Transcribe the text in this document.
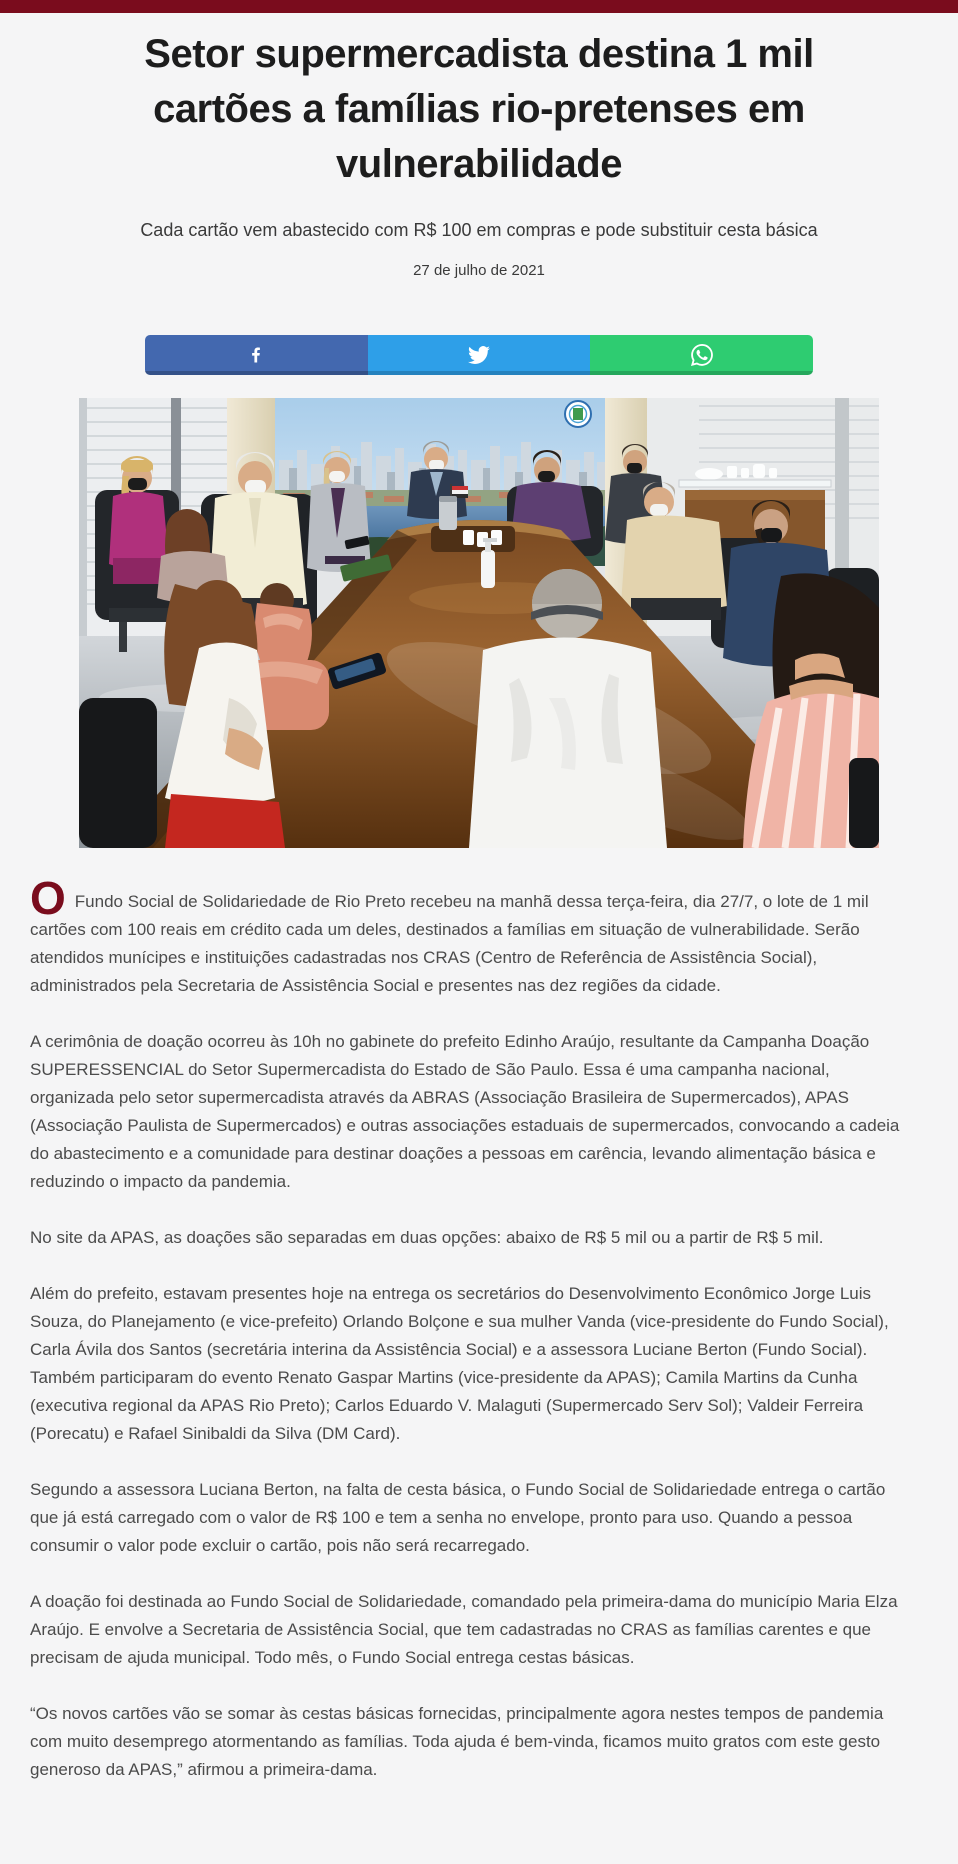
Setor supermercadista destina 1 mil
cartões a famílias rio-pretenses em
vulnerabilidade
Cada cartão vem abastecido com R$ 100 em compras e pode substituir cesta básica
27 de julho de 2021

O Fundo Social de Solidariedade de Rio Preto recebeu na manhã dessa terça-feira, dia 27/7, o lote de 1 mil cartões com 100 reais em crédito cada um deles, destinados a famílias em situação de vulnerabilidade. Serão atendidos munícipes e instituições cadastradas nos CRAS (Centro de Referência de Assistência Social), administrados pela Secretaria de Assistência Social e presentes nas dez regiões da cidade.

A cerimônia de doação ocorreu às 10h no gabinete do prefeito Edinho Araújo, resultante da Campanha Doação SUPERESSENCIAL do Setor Supermercadista do Estado de São Paulo. Essa é uma campanha nacional, organizada pelo setor supermercadista através da ABRAS (Associação Brasileira de Supermercados), APAS (Associação Paulista de Supermercados) e outras associações estaduais de supermercados, convocando a cadeia do abastecimento e a comunidade para destinar doações a pessoas em carência, levando alimentação básica e reduzindo o impacto da pandemia.

No site da APAS, as doações são separadas em duas opções: abaixo de R$ 5 mil ou a partir de R$ 5 mil.

Além do prefeito, estavam presentes hoje na entrega os secretários do Desenvolvimento Econômico Jorge Luis Souza, do Planejamento (e vice-prefeito) Orlando Bolçone e sua mulher Vanda (vice-presidente do Fundo Social), Carla Ávila dos Santos (secretária interina da Assistência Social) e a assessora Luciane Berton (Fundo Social). Também participaram do evento Renato Gaspar Martins (vice-presidente da APAS); Camila Martins da Cunha (executiva regional da APAS Rio Preto); Carlos Eduardo V. Malaguti (Supermercado Serv Sol); Valdeir Ferreira (Porecatu) e Rafael Sinibaldi da Silva (DM Card).

Segundo a assessora Luciana Berton, na falta de cesta básica, o Fundo Social de Solidariedade entrega o cartão que já está carregado com o valor de R$ 100 e tem a senha no envelope, pronto para uso. Quando a pessoa consumir o valor pode excluir o cartão, pois não será recarregado.

A doação foi destinada ao Fundo Social de Solidariedade, comandado pela primeira-dama do município Maria Elza Araújo. E envolve a Secretaria de Assistência Social, que tem cadastradas no CRAS as famílias carentes e que precisam de ajuda municipal. Todo mês, o Fundo Social entrega cestas básicas.

“Os novos cartões vão se somar às cestas básicas fornecidas, principalmente agora nestes tempos de pandemia com muito desemprego atormentando as famílias. Toda ajuda é bem-vinda, ficamos muito gratos com este gesto generoso da APAS,” afirmou a primeira-dama.
